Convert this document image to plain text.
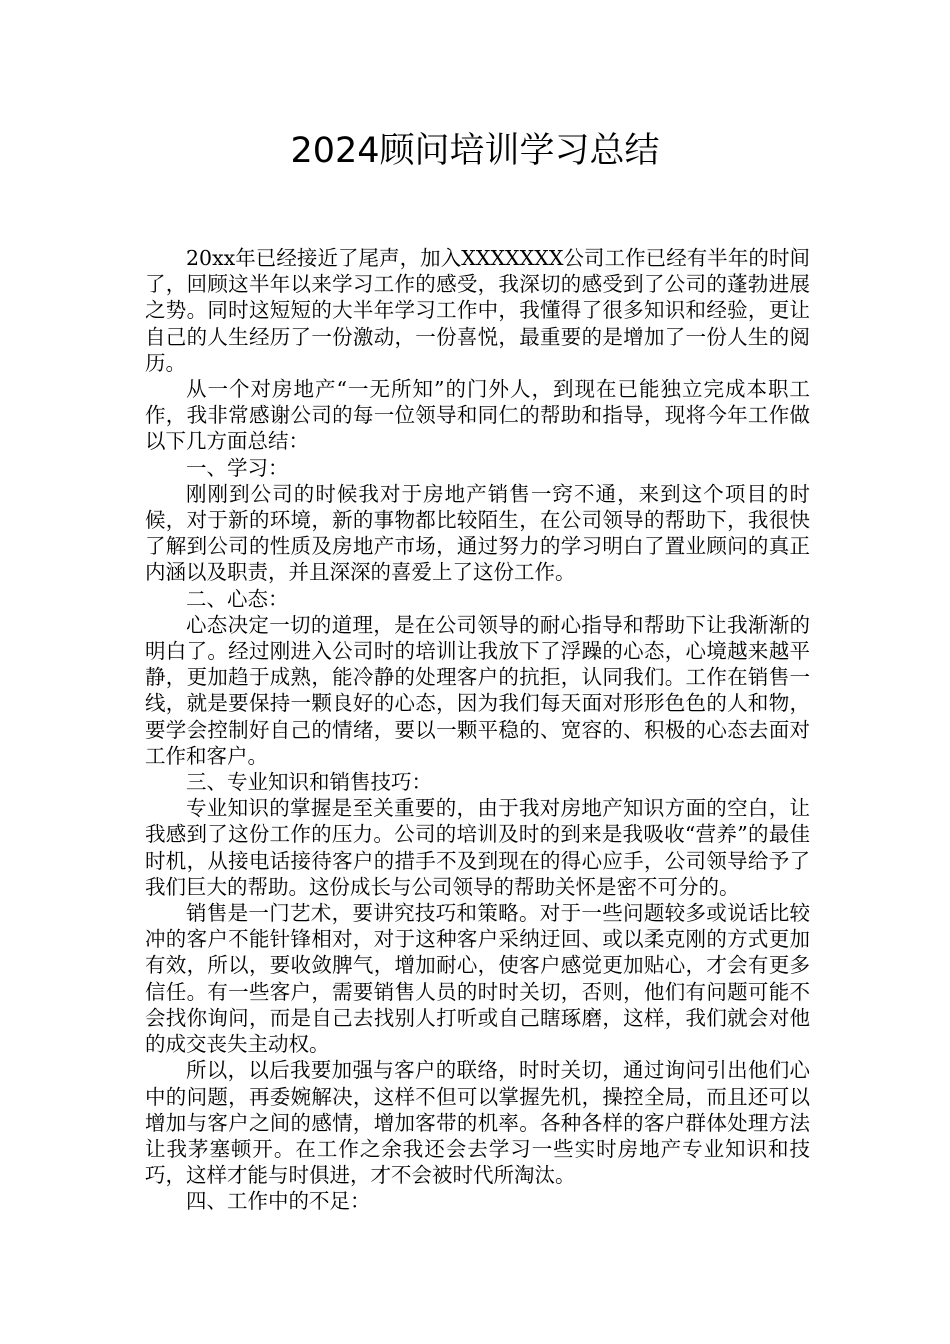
2024顾问培训学习总结

20xx年已经接近了尾声，加入XXXXXXX公司工作已经有半年的时间了，回顾这半年以来学习工作的感受，我深切的感受到了公司的蓬勃进展之势。同时这短短的大半年学习工作中，我懂得了很多知识和经验，更让自己的人生经历了一份激动，一份喜悦，最重要的是增加了一份人生的阅历。

从一个对房地产“一无所知”的门外人，到现在已能独立完成本职工作，我非常感谢公司的每一位领导和同仁的帮助和指导，现将今年工作做以下几方面总结：

一、学习：

刚刚到公司的时候我对于房地产销售一窍不通，来到这个项目的时候，对于新的环境，新的事物都比较陌生，在公司领导的帮助下，我很快了解到公司的性质及房地产市场，通过努力的学习明白了置业顾问的真正内涵以及职责，并且深深的喜爱上了这份工作。

二、心态：

心态决定一切的道理，是在公司领导的耐心指导和帮助下让我渐渐的明白了。经过刚进入公司时的培训让我放下了浮躁的心态，心境越来越平静，更加趋于成熟，能冷静的处理客户的抗拒，认同我们。工作在销售一线，就是要保持一颗良好的心态，因为我们每天面对形形色色的人和物，要学会控制好自己的情绪，要以一颗平稳的、宽容的、积极的心态去面对工作和客户。

三、专业知识和销售技巧：

专业知识的掌握是至关重要的，由于我对房地产知识方面的空白，让我感到了这份工作的压力。公司的培训及时的到来是我吸收“营养”的最佳时机，从接电话接待客户的措手不及到现在的得心应手，公司领导给予了我们巨大的帮助。这份成长与公司领导的帮助关怀是密不可分的。

销售是一门艺术，要讲究技巧和策略。对于一些问题较多或说话比较冲的客户不能针锋相对，对于这种客户采纳迂回、或以柔克刚的方式更加有效，所以，要收敛脾气，增加耐心，使客户感觉更加贴心，才会有更多信任。有一些客户，需要销售人员的时时关切，否则，他们有问题可能不会找你询问，而是自己去找别人打听或自己瞎琢磨，这样，我们就会对他的成交丧失主动权。

所以，以后我要加强与客户的联络，时时关切，通过询问引出他们心中的问题，再委婉解决，这样不但可以掌握先机，操控全局，而且还可以增加与客户之间的感情，增加客带的机率。各种各样的客户群体处理方法让我茅塞顿开。在工作之余我还会去学习一些实时房地产专业知识和技巧，这样才能与时俱进，才不会被时代所淘汰。

四、工作中的不足：
